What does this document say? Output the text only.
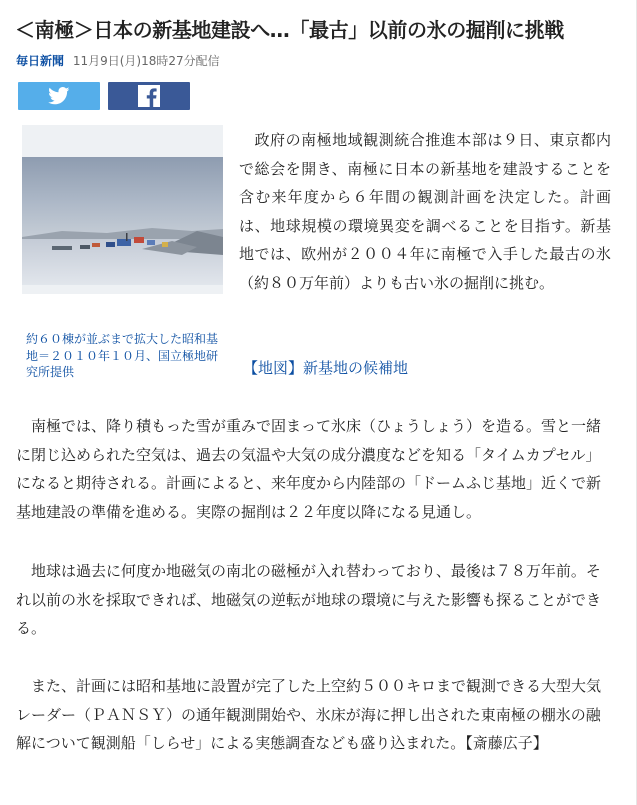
＜南極＞日本の新基地建設へ…「最古」以前の氷の掘削に挑戦
毎日新聞 11月9日(月)18時27分配信

約６０棟が並ぶまで拡大した昭和基地＝２０１０年１０月、国立極地研究所提供

　政府の南極地域観測統合推進本部は９日、東京都内で総会を開き、南極に日本の新基地を建設することを含む来年度から６年間の観測計画を決定した。計画は、地球規模の環境異変を調べることを目指す。新基地では、欧州が２００４年に南極で入手した最古の氷（約８０万年前）よりも古い氷の掘削に挑む。

【地図】新基地の候補地

　南極では、降り積もった雪が重みで固まって氷床（ひょうしょう）を造る。雪と一緒に閉じ込められた空気は、過去の気温や大気の成分濃度などを知る「タイムカプセル」になると期待される。計画によると、来年度から内陸部の「ドームふじ基地」近くで新基地建設の準備を進める。実際の掘削は２２年度以降になる見通し。

　地球は過去に何度か地磁気の南北の磁極が入れ替わっており、最後は７８万年前。それ以前の氷を採取できれば、地磁気の逆転が地球の環境に与えた影響も探ることができる。

　また、計画には昭和基地に設置が完了した上空約５００キロまで観測できる大型大気レーダー（ＰＡＮＳＹ）の通年観測開始や、氷床が海に押し出された東南極の棚氷の融解について観測船「しらせ」による実態調査なども盛り込まれた。【斎藤広子】
